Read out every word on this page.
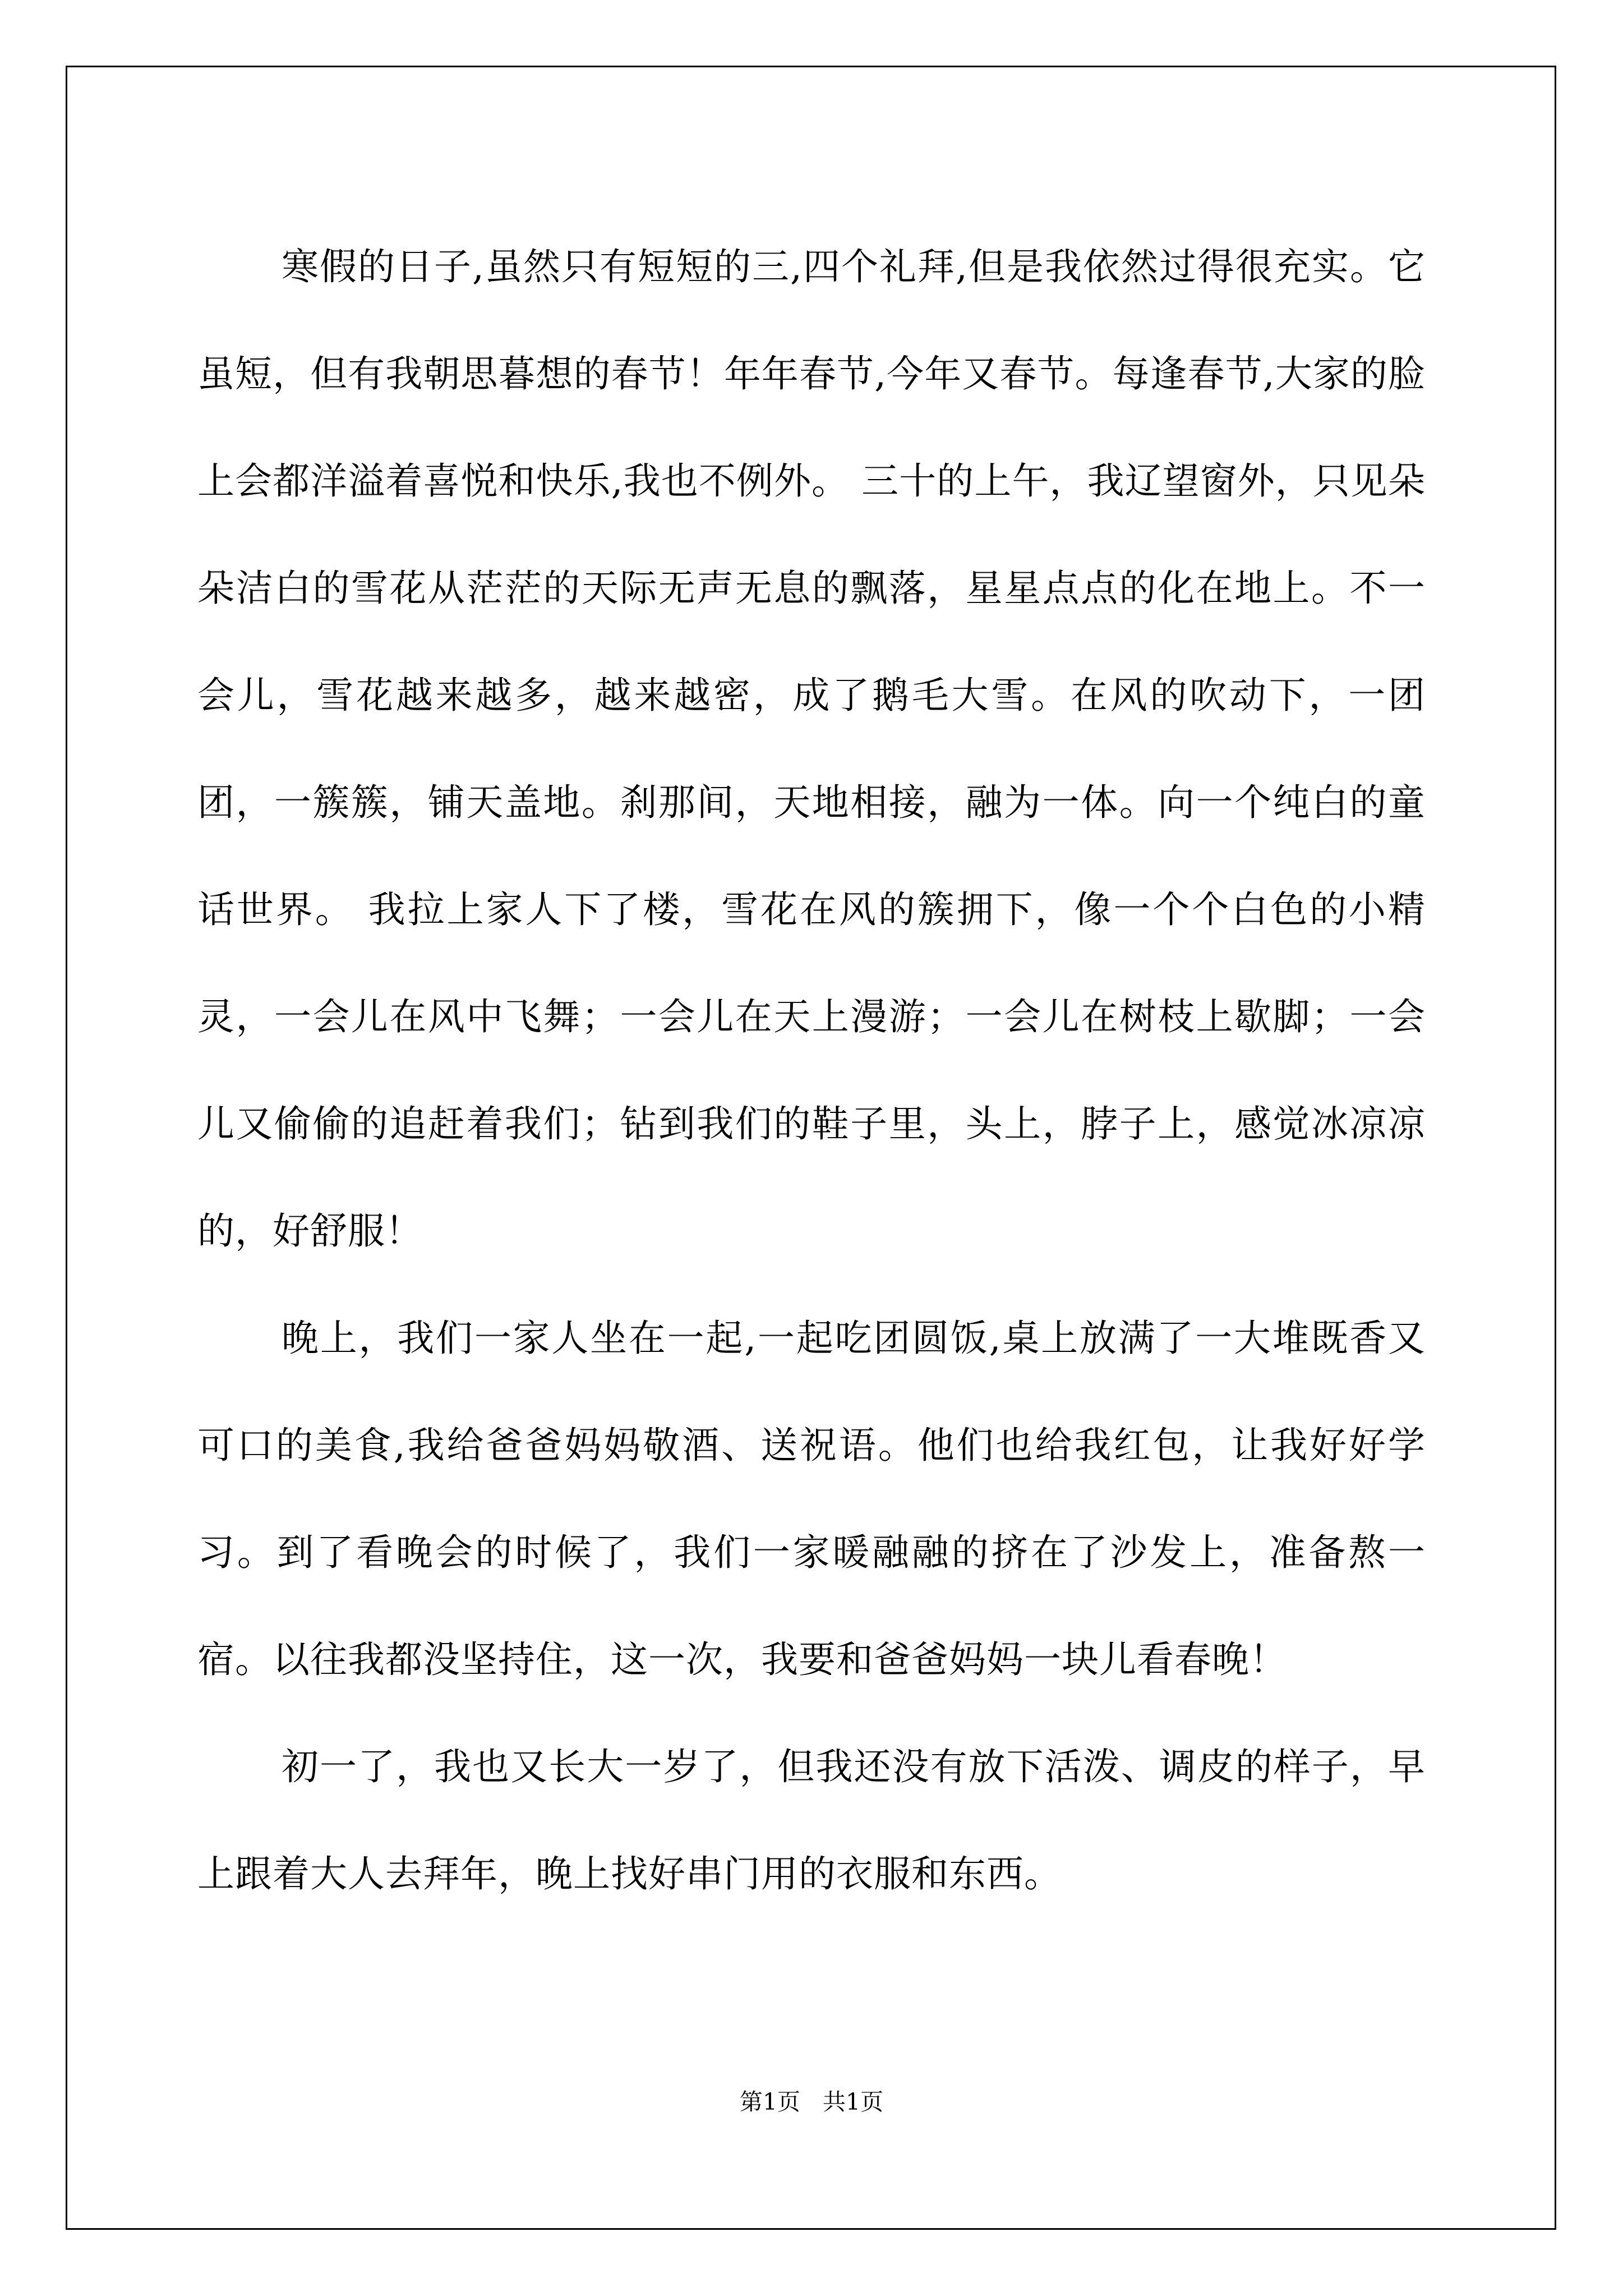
寒假的日子,虽然只有短短的三,四个礼拜,但是我依然过得很充实。它虽短，但有我朝思暮想的春节！年年春节,今年又春节。每逢春节,大家的脸上会都洋溢着喜悦和快乐,我也不例外。 三十的上午，我辽望窗外，只见朵朵洁白的雪花从茫茫的天际无声无息的飘落，星星点点的化在地上。不一会儿，雪花越来越多，越来越密，成了鹅毛大雪。在风的吹动下，一团团，一簇簇，铺天盖地。刹那间，天地相接，融为一体。向一个纯白的童话世界。 我拉上家人下了楼，雪花在风的簇拥下，像一个个白色的小精灵，一会儿在风中飞舞；一会儿在天上漫游；一会儿在树枝上歇脚；一会儿又偷偷的追赶着我们；钻到我们的鞋子里，头上，脖子上，感觉冰凉凉的，好舒服！

晚上，我们一家人坐在一起,一起吃团圆饭,桌上放满了一大堆既香又可口的美食,我给爸爸妈妈敬酒、送祝语。他们也给我红包，让我好好学习。到了看晚会的时候了，我们一家暖融融的挤在了沙发上，准备熬一宿。以往我都没坚持住，这一次，我要和爸爸妈妈一块儿看春晚！

初一了，我也又长大一岁了，但我还没有放下活泼、调皮的样子，早上跟着大人去拜年，晚上找好串门用的衣服和东西。

第1页 共1页
